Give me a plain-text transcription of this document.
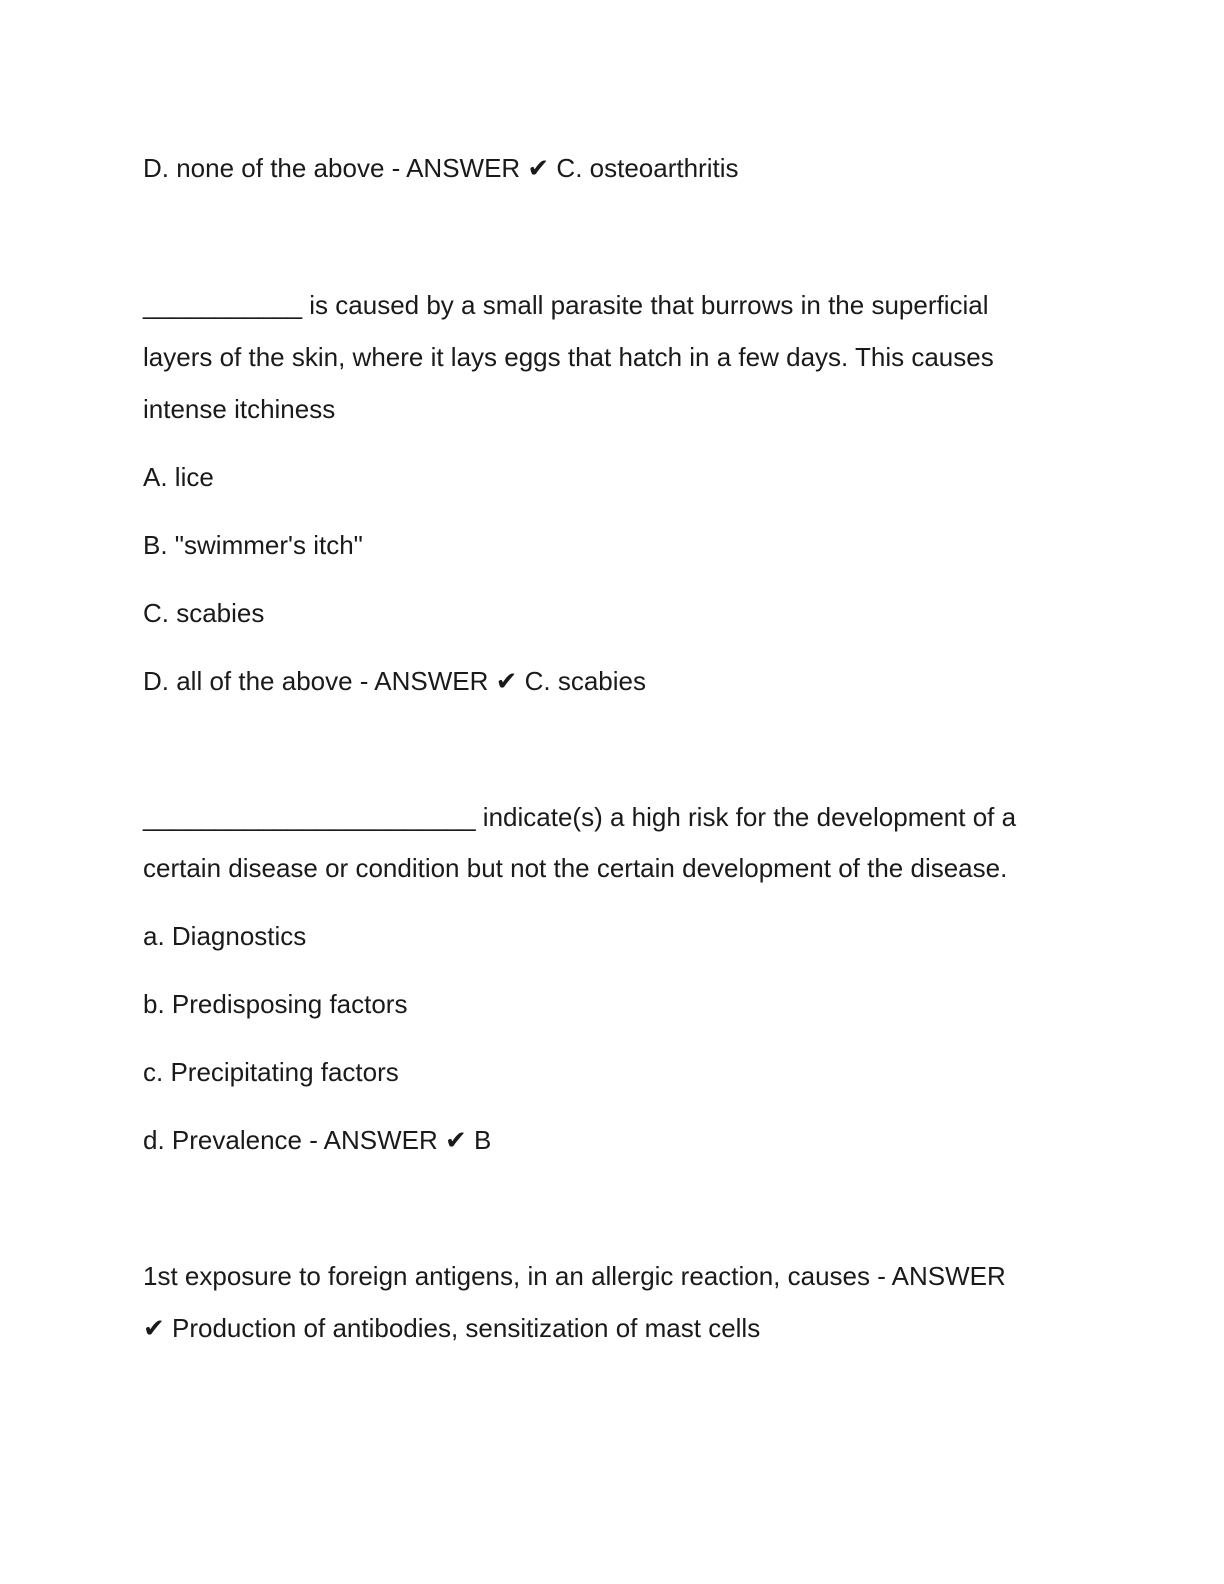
D. none of the above - ANSWER ✔ C. osteoarthritis
___________ is caused by a small parasite that burrows in the superficial
layers of the skin, where it lays eggs that hatch in a few days. This causes
intense itchiness
A. lice
B. "swimmer's itch"
C. scabies
D. all of the above - ANSWER ✔ C. scabies
_______________________ indicate(s) a high risk for the development of a
certain disease or condition but not the certain development of the disease.
a. Diagnostics
b. Predisposing factors
c. Precipitating factors
d. Prevalence - ANSWER ✔ B
1st exposure to foreign antigens, in an allergic reaction, causes - ANSWER
✔ Production of antibodies, sensitization of mast cells
